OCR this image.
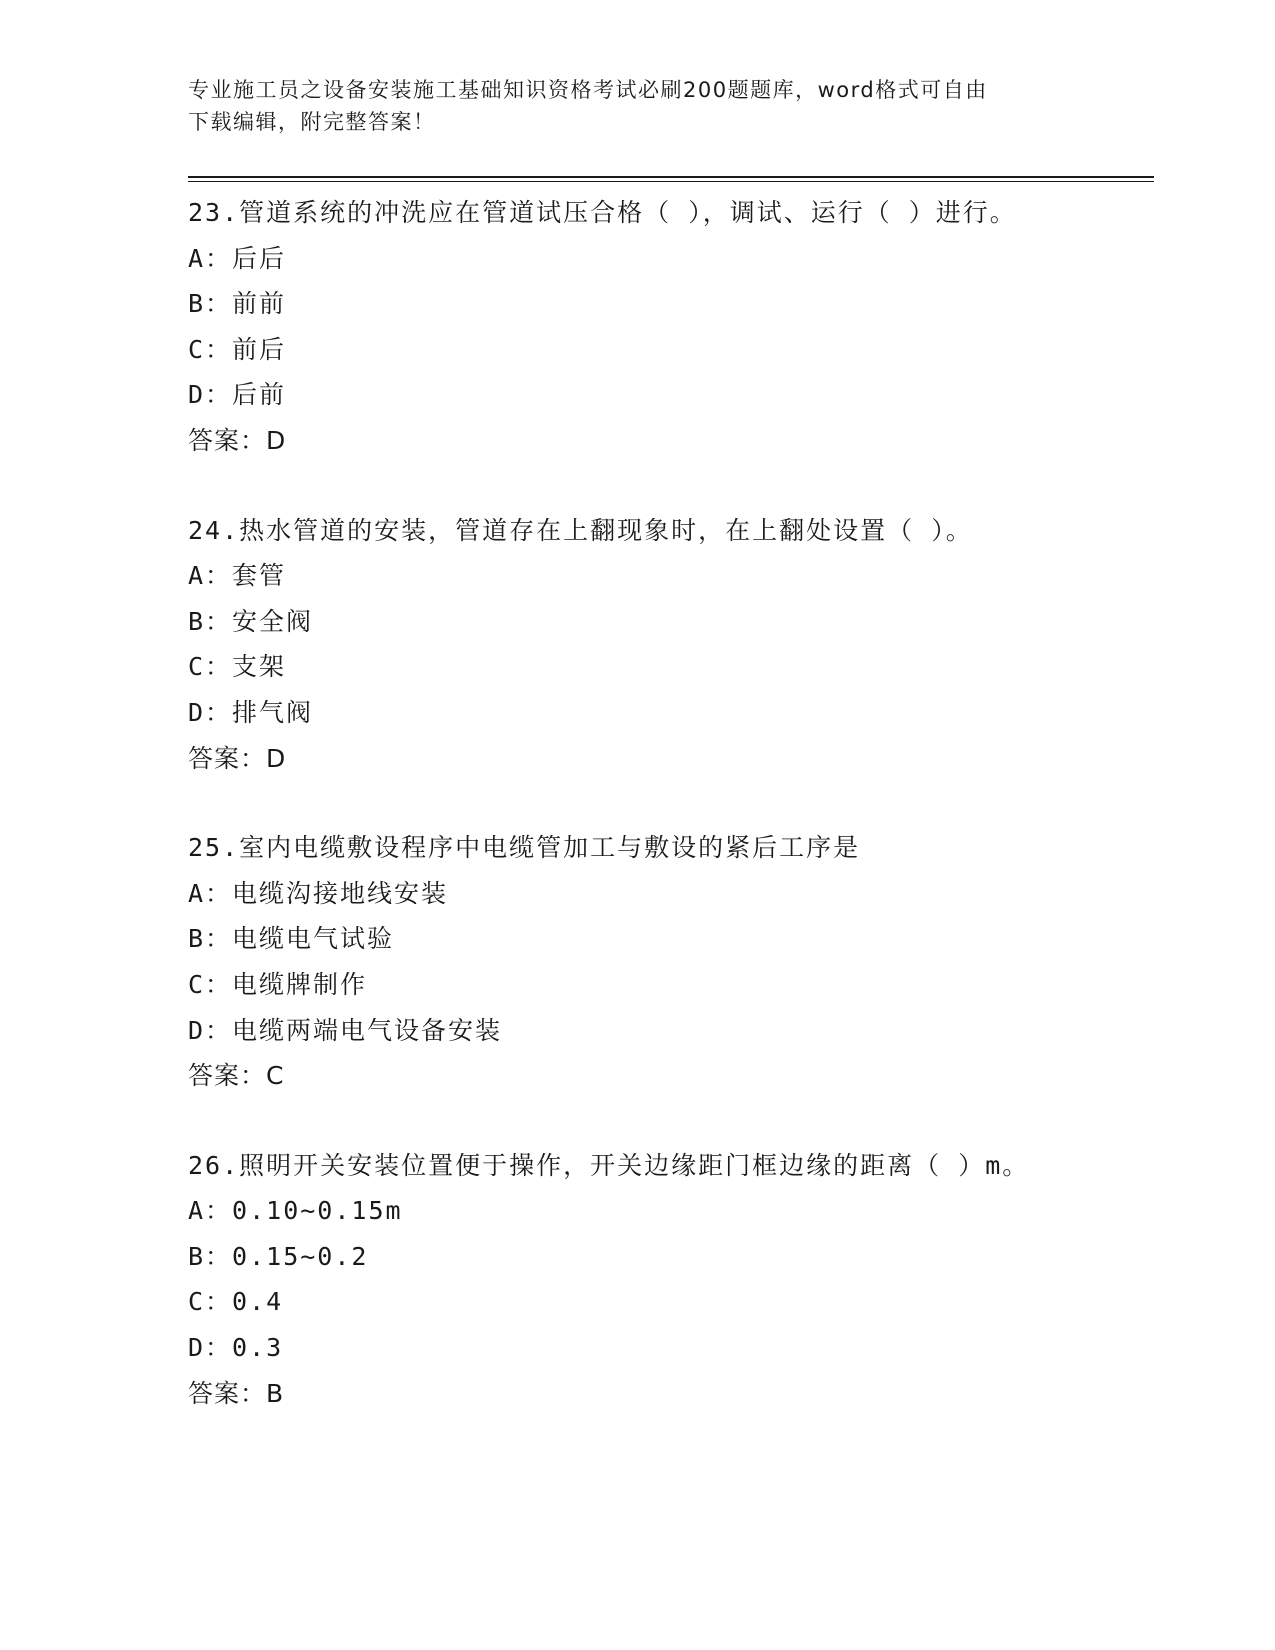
专业施工员之设备安装施工基础知识资格考试必刷200题题库，word格式可自由
下载编辑，附完整答案！
23.管道系统的冲洗应在管道试压合格（ ），调试、运行（ ）进行。
A：后后
B：前前
C：前后
D：后前
答案：D
24.热水管道的安装，管道存在上翻现象时，在上翻处设置（ ）。
A：套管
B：安全阀
C：支架
D：排气阀
答案：D
25.室内电缆敷设程序中电缆管加工与敷设的紧后工序是
A：电缆沟接地线安装
B：电缆电气试验
C：电缆牌制作
D：电缆两端电气设备安装
答案：C
26.照明开关安装位置便于操作，开关边缘距门框边缘的距离（ ）m。
A：0.10~0.15m
B：0.15~0.2
C：0.4
D：0.3
答案：B
